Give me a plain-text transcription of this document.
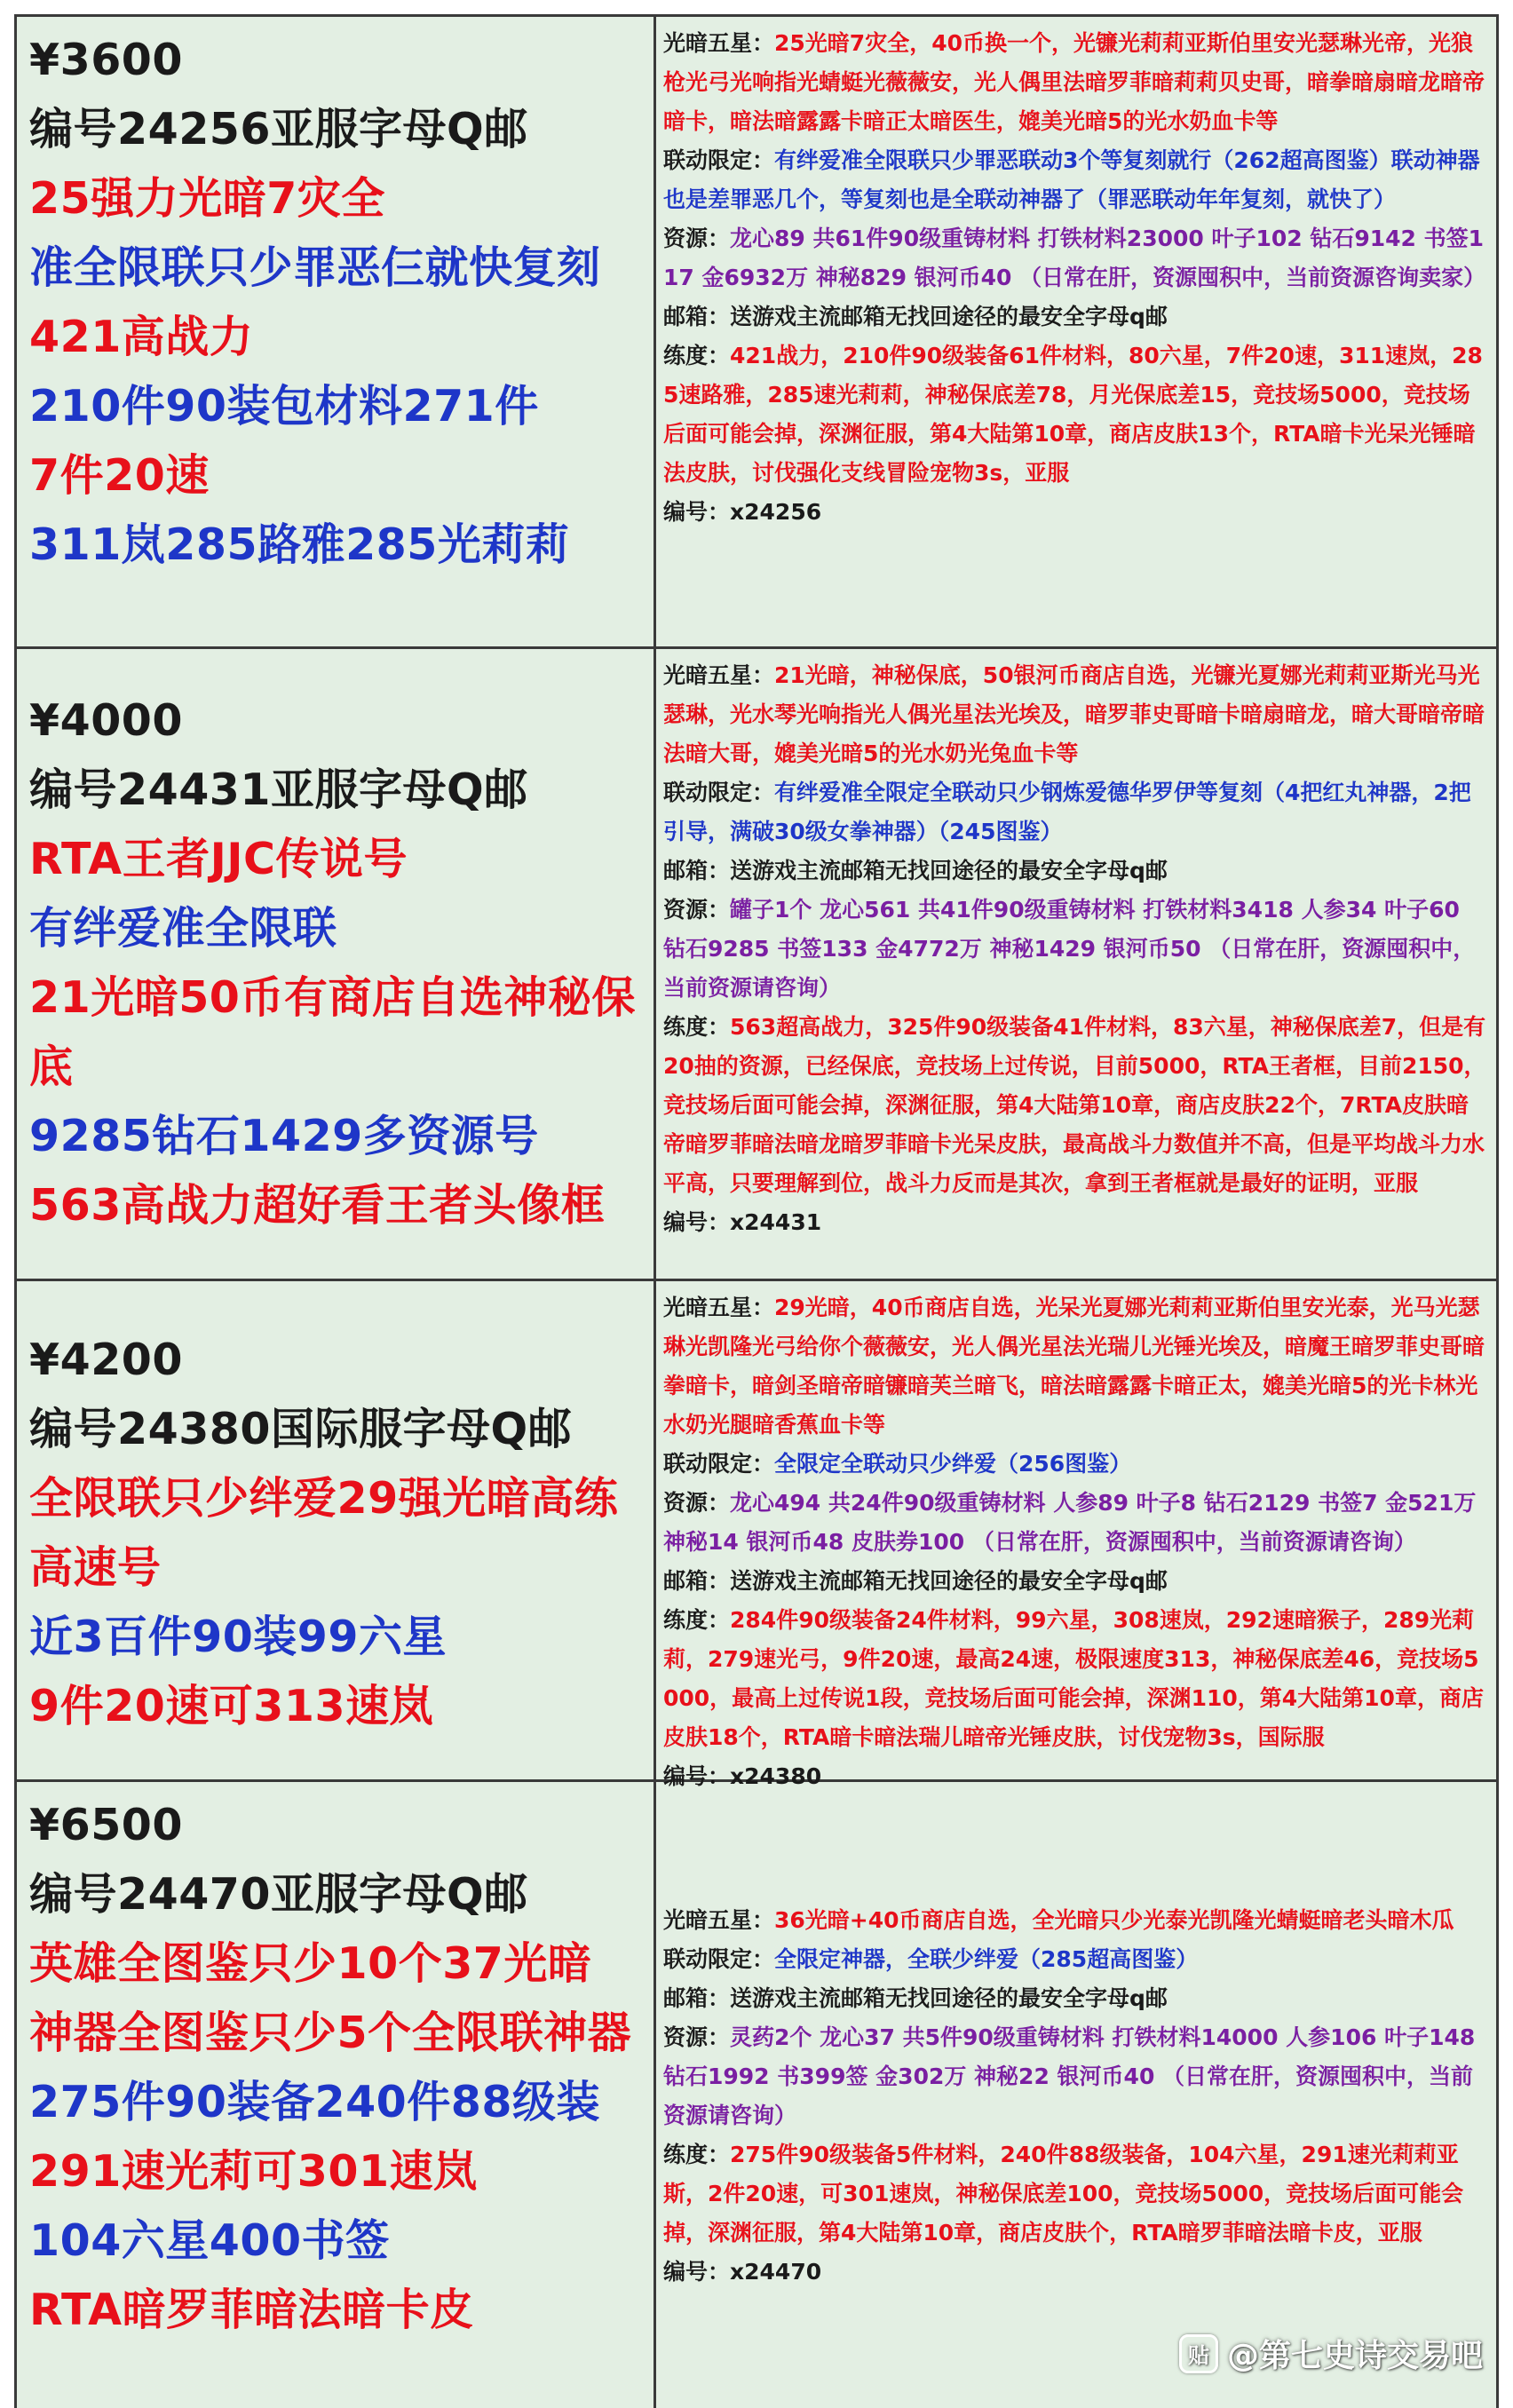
¥3600
编号24256亚服字母Q邮
25强力光暗7灾全
准全限联只少罪恶仨就快复刻
421高战力
210件90装包材料271件
7件20速
311岚285路雅285光莉莉
光暗五星：25光暗7灾全，40币换一个，光镰光莉莉亚斯伯里安光瑟琳光帝，光狼枪光弓光响指光蜻蜓光薇薇安，光人偶里法暗罗菲暗莉莉贝史哥，暗拳暗扇暗龙暗帝暗卡，暗法暗露露卡暗正太暗医生，媲美光暗5的光水奶血卡等
联动限定：有绊爱准全限联只少罪恶联动3个等复刻就行（262超高图鉴）联动神器也是差罪恶几个，等复刻也是全联动神器了（罪恶联动年年复刻，就快了）
资源：龙心89 共61件90级重铸材料 打铁材料23000 叶子102 钻石9142 书签117 金6932万 神秘829 银河币40 （日常在肝，资源囤积中，当前资源咨询卖家）
邮箱：送游戏主流邮箱无找回途径的最安全字母q邮
练度：421战力，210件90级装备61件材料，80六星，7件20速，311速岚，285速路雅，285速光莉莉，神秘保底差78，月光保底差15，竞技场5000，竞技场后面可能会掉，深渊征服，第4大陆第10章，商店皮肤13个，RTA暗卡光呆光锤暗法皮肤，讨伐强化支线冒险宠物3s，亚服
编号：x24256
¥4000
编号24431亚服字母Q邮
RTA王者JJC传说号
有绊爱准全限联
21光暗50币有商店自选神秘保底
9285钻石1429多资源号
563高战力超好看王者头像框
光暗五星：21光暗，神秘保底，50银河币商店自选，光镰光夏娜光莉莉亚斯光马光瑟琳，光水琴光响指光人偶光星法光埃及，暗罗菲史哥暗卡暗扇暗龙，暗大哥暗帝暗法暗大哥，媲美光暗5的光水奶光兔血卡等
联动限定：有绊爱准全限定全联动只少钢炼爱德华罗伊等复刻（4把红丸神器，2把引导，满破30级女拳神器）（245图鉴）
邮箱：送游戏主流邮箱无找回途径的最安全字母q邮
资源：罐子1个 龙心561 共41件90级重铸材料 打铁材料3418 人参34 叶子60 钻石9285 书签133 金4772万 神秘1429 银河币50 （日常在肝，资源囤积中，当前资源请咨询）
练度：563超高战力，325件90级装备41件材料，83六星，神秘保底差7，但是有20抽的资源，已经保底，竞技场上过传说，目前5000，RTA王者框，目前2150，竞技场后面可能会掉，深渊征服，第4大陆第10章，商店皮肤22个，7RTA皮肤暗帝暗罗菲暗法暗龙暗罗菲暗卡光呆皮肤，最高战斗力数值并不高，但是平均战斗力水平高，只要理解到位，战斗力反而是其次，拿到王者框就是最好的证明，亚服
编号：x24431
¥4200
编号24380国际服字母Q邮
全限联只少绊爱29强光暗高练高速号
近3百件90装99六星
9件20速可313速岚
光暗五星：29光暗，40币商店自选，光呆光夏娜光莉莉亚斯伯里安光泰，光马光瑟琳光凯隆光弓给你个薇薇安，光人偶光星法光瑞儿光锤光埃及，暗魔王暗罗菲史哥暗拳暗卡，暗剑圣暗帝暗镰暗芙兰暗飞，暗法暗露露卡暗正太，媲美光暗5的光卡林光水奶光腿暗香蕉血卡等
联动限定：全限定全联动只少绊爱（256图鉴）
资源：龙心494 共24件90级重铸材料 人参89 叶子8 钻石2129 书签7 金521万 神秘14 银河币48 皮肤券100 （日常在肝，资源囤积中，当前资源请咨询）
邮箱：送游戏主流邮箱无找回途径的最安全字母q邮
练度：284件90级装备24件材料，99六星，308速岚，292速暗猴子，289光莉莉，279速光弓，9件20速，最高24速，极限速度313，神秘保底差46，竞技场5000，最高上过传说1段，竞技场后面可能会掉，深渊110，第4大陆第10章，商店皮肤18个，RTA暗卡暗法瑞儿暗帝光锤皮肤，讨伐宠物3s，国际服
编号：x24380
¥6500
编号24470亚服字母Q邮
英雄全图鉴只少10个37光暗
神器全图鉴只少5个全限联神器
275件90装备240件88级装
291速光莉可301速岚
104六星400书签
RTA暗罗菲暗法暗卡皮
光暗五星：36光暗+40币商店自选，全光暗只少光泰光凯隆光蜻蜓暗老头暗木瓜
联动限定：全限定神器，全联少绊爱（285超高图鉴）
邮箱：送游戏主流邮箱无找回途径的最安全字母q邮
资源：灵药2个 龙心37 共5件90级重铸材料 打铁材料14000 人参106 叶子148 钻石1992 书399签 金302万 神秘22 银河币40 （日常在肝，资源囤积中，当前资源请咨询）
练度：275件90级装备5件材料，240件88级装备，104六星，291速光莉莉亚斯，2件20速，可301速岚，神秘保底差100，竞技场5000，竞技场后面可能会掉，深渊征服，第4大陆第10章，商店皮肤个，RTA暗罗菲暗法暗卡皮，亚服
编号：x24470
贴 @第七史诗交易吧
